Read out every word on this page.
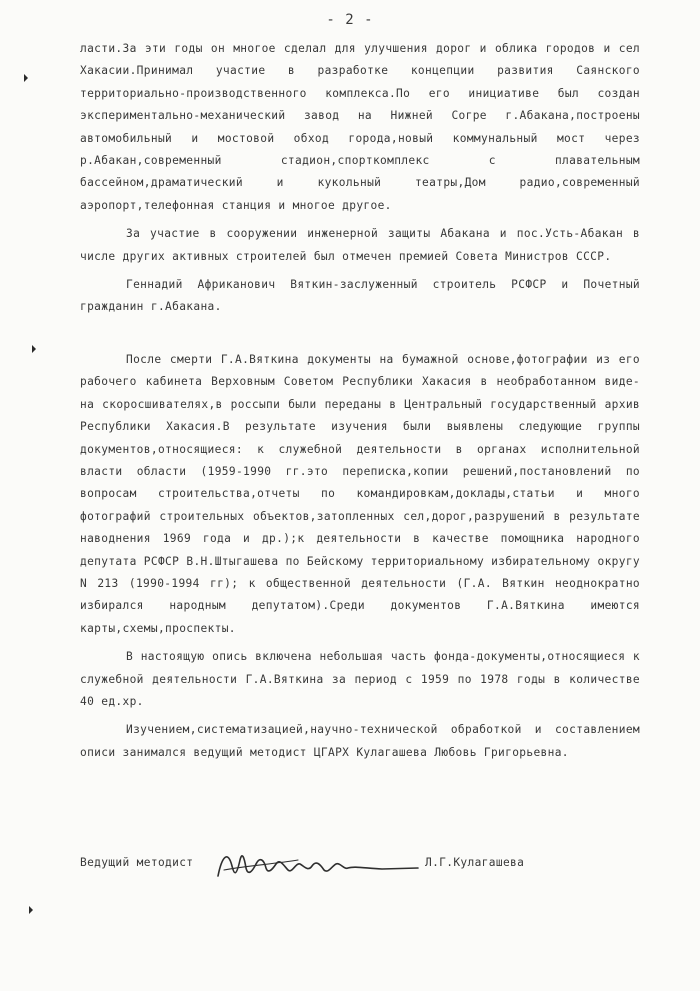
- 2 -

ласти.За эти годы он многое сделал для улучшения дорог и облика городов и сел Хакасии.Принимал участие в разработке концепции развития Саянского территориально-производственного комплекса.По его инициативе был создан экспериментально-механический завод на Нижней Согре г.Абакана,построены автомобильный и мостовой обход города,новый коммунальный мост через р.Абакан,современный стадион,спорткомплекс с плавательным бассейном,драматический и кукольный театры,Дом радио,современный аэропорт,телефонная станция и многое другое.

За участие в сооружении инженерной защиты Абакана и пос.Усть-Абакан в числе других активных строителей был отмечен премией Совета Министров СССР.

Геннадий Африканович Вяткин-заслуженный строитель РСФСР и Почетный гражданин г.Абакана.

После смерти Г.А.Вяткина документы на бумажной основе,фотографии из его рабочего кабинета Верховным Советом Республики Хакасия в необработанном виде- на скоросшивателях,в россыпи были переданы в Центральный государственный архив Республики Хакасия.В результате изучения были выявлены следующие группы документов,относящиеся: к служебной деятельности в органах исполнительной власти области (1959-1990 гг.это переписка,копии решений,постановлений по вопросам строительства,отчеты по командировкам,доклады,статьи и много фотографий строительных объектов,затопленных сел,дорог,разрушений в результате наводнения 1969 года и др.);к деятельности в качестве помощника народного депутата РСФСР В.Н.Штыгашева по Бейскому территориальному избирательному округу N 213 (1990-1994 гг); к общественной деятельности (Г.А. Вяткин неоднократно избирался народным депутатом).Среди документов Г.А.Вяткина имеются карты,схемы,проспекты.

В настоящую опись включена небольшая часть фонда-документы,относящиеся к служебной деятельности Г.А.Вяткина за период с 1959 по 1978 годы в количестве 40 ед.хр.

Изучением,систематизацией,научно-технической обработкой и составлением описи занимался ведущий методист ЦГАРХ Кулагашева Любовь Григорьевна.

Ведущий методист	Л.Г.Кулагашева
